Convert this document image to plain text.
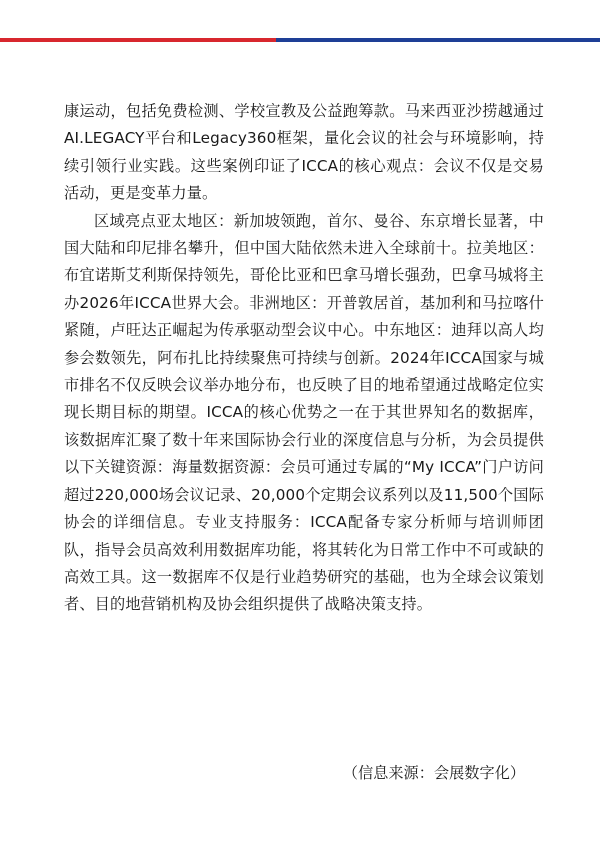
康运动，包括免费检测、学校宣教及公益跑筹款。马来西亚沙捞越通过AI.LEGACY平台和Legacy360框架，量化会议的社会与环境影响，持续引领行业实践。这些案例印证了ICCA的核心观点：会议不仅是交易活动，更是变革力量。

区域亮点亚太地区：新加坡领跑，首尔、曼谷、东京增长显著，中国大陆和印尼排名攀升，但中国大陆依然未进入全球前十。拉美地区：布宜诺斯艾利斯保持领先，哥伦比亚和巴拿马增长强劲，巴拿马城将主办2026年ICCA世界大会。非洲地区：开普敦居首，基加利和马拉喀什紧随，卢旺达正崛起为传承驱动型会议中心。中东地区：迪拜以高人均参会数领先，阿布扎比持续聚焦可持续与创新。2024年ICCA国家与城市排名不仅反映会议举办地分布，也反映了目的地希望通过战略定位实现长期目标的期望。ICCA的核心优势之一在于其世界知名的数据库，该数据库汇聚了数十年来国际协会行业的深度信息与分析，为会员提供以下关键资源：海量数据资源：会员可通过专属的“My ICCA”门户访问超过220,000场会议记录、20,000个定期会议系列以及11,500个国际协会的详细信息。专业支持服务：ICCA配备专家分析师与培训师团队，指导会员高效利用数据库功能，将其转化为日常工作中不可或缺的高效工具。这一数据库不仅是行业趋势研究的基础，也为全球会议策划者、目的地营销机构及协会组织提供了战略决策支持。

（信息来源：会展数字化）
